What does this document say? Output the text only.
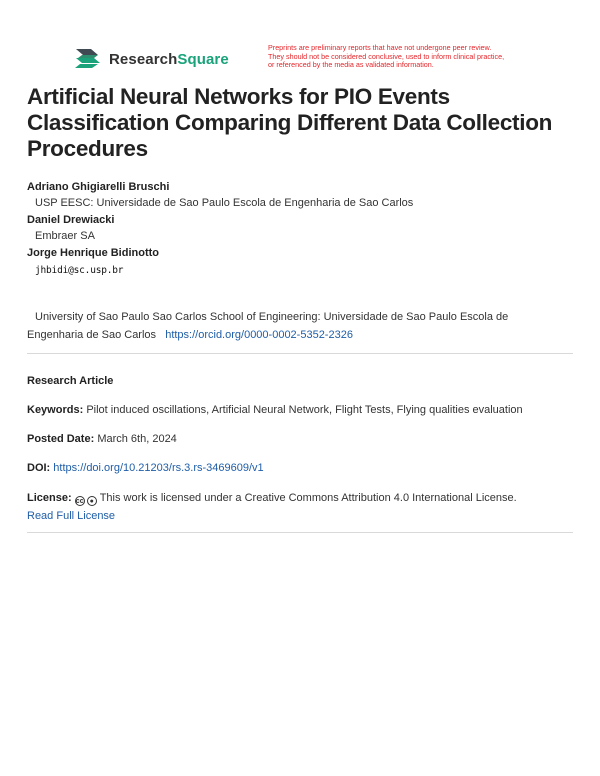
ResearchSquare
Preprints are preliminary reports that have not undergone peer review.
They should not be considered conclusive, used to inform clinical practice,
or referenced by the media as validated information.
Artificial Neural Networks for PIO Events Classification Comparing Different Data Collection Procedures
Adriano Ghigiarelli Bruschi
USP EESC: Universidade de Sao Paulo Escola de Engenharia de Sao Carlos
Daniel Drewiacki
Embraer SA
Jorge Henrique Bidinotto
jhbidi@sc.usp.br
University of Sao Paulo Sao Carlos School of Engineering: Universidade de Sao Paulo Escola de Engenharia de Sao Carlos https://orcid.org/0000-0002-5352-2326
Research Article
Keywords: Pilot induced oscillations, Artificial Neural Network, Flight Tests, Flying qualities evaluation
Posted Date: March 6th, 2024
DOI: https://doi.org/10.21203/rs.3.rs-3469609/v1
License: cc ● This work is licensed under a Creative Commons Attribution 4.0 International License.
Read Full License
